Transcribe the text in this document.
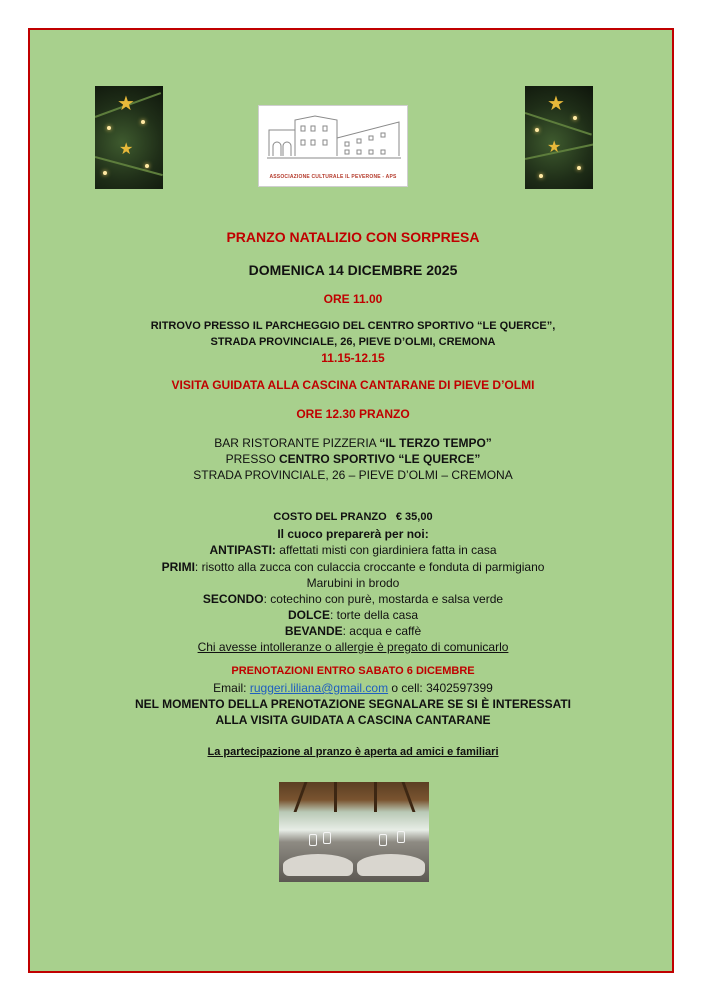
★
★
ASSOCIAZIONE CULTURALE IL PEVERONE - APS
★
★
PRANZO NATALIZIO CON SORPRESA
DOMENICA 14 DICEMBRE 2025
ORE 11.00
RITROVO PRESSO IL PARCHEGGIO DEL CENTRO SPORTIVO “LE QUERCE”,
STRADA PROVINCIALE, 26, PIEVE D’OLMI, CREMONA
11.15-12.15
VISITA GUIDATA ALLA CASCINA CANTARANE DI PIEVE D’OLMI
ORE 12.30 PRANZO
BAR RISTORANTE PIZZERIA “IL TERZO TEMPO”
PRESSO CENTRO SPORTIVO “LE QUERCE”
STRADA PROVINCIALE, 26 – PIEVE D’OLMI – CREMONA
COSTO DEL PRANZO € 35,00
Il cuoco preparerà per noi:
ANTIPASTI: affettati misti con giardiniera fatta in casa
PRIMI: risotto alla zucca con culaccia croccante e fonduta di parmigiano
Marubini in brodo
SECONDO: cotechino con purè, mostarda e salsa verde
DOLCE: torte della casa
BEVANDE: acqua e caffè
Chi avesse intolleranze o allergie è pregato di comunicarlo
PRENOTAZIONI ENTRO SABATO 6 DICEMBRE
Email: ruggeri.liliana@gmail.com o cell: 3402597399
NEL MOMENTO DELLA PRENOTAZIONE SEGNALARE SE SI È INTERESSATI
ALLA VISITA GUIDATA A CASCINA CANTARANE
La partecipazione al pranzo è aperta ad amici e familiari
